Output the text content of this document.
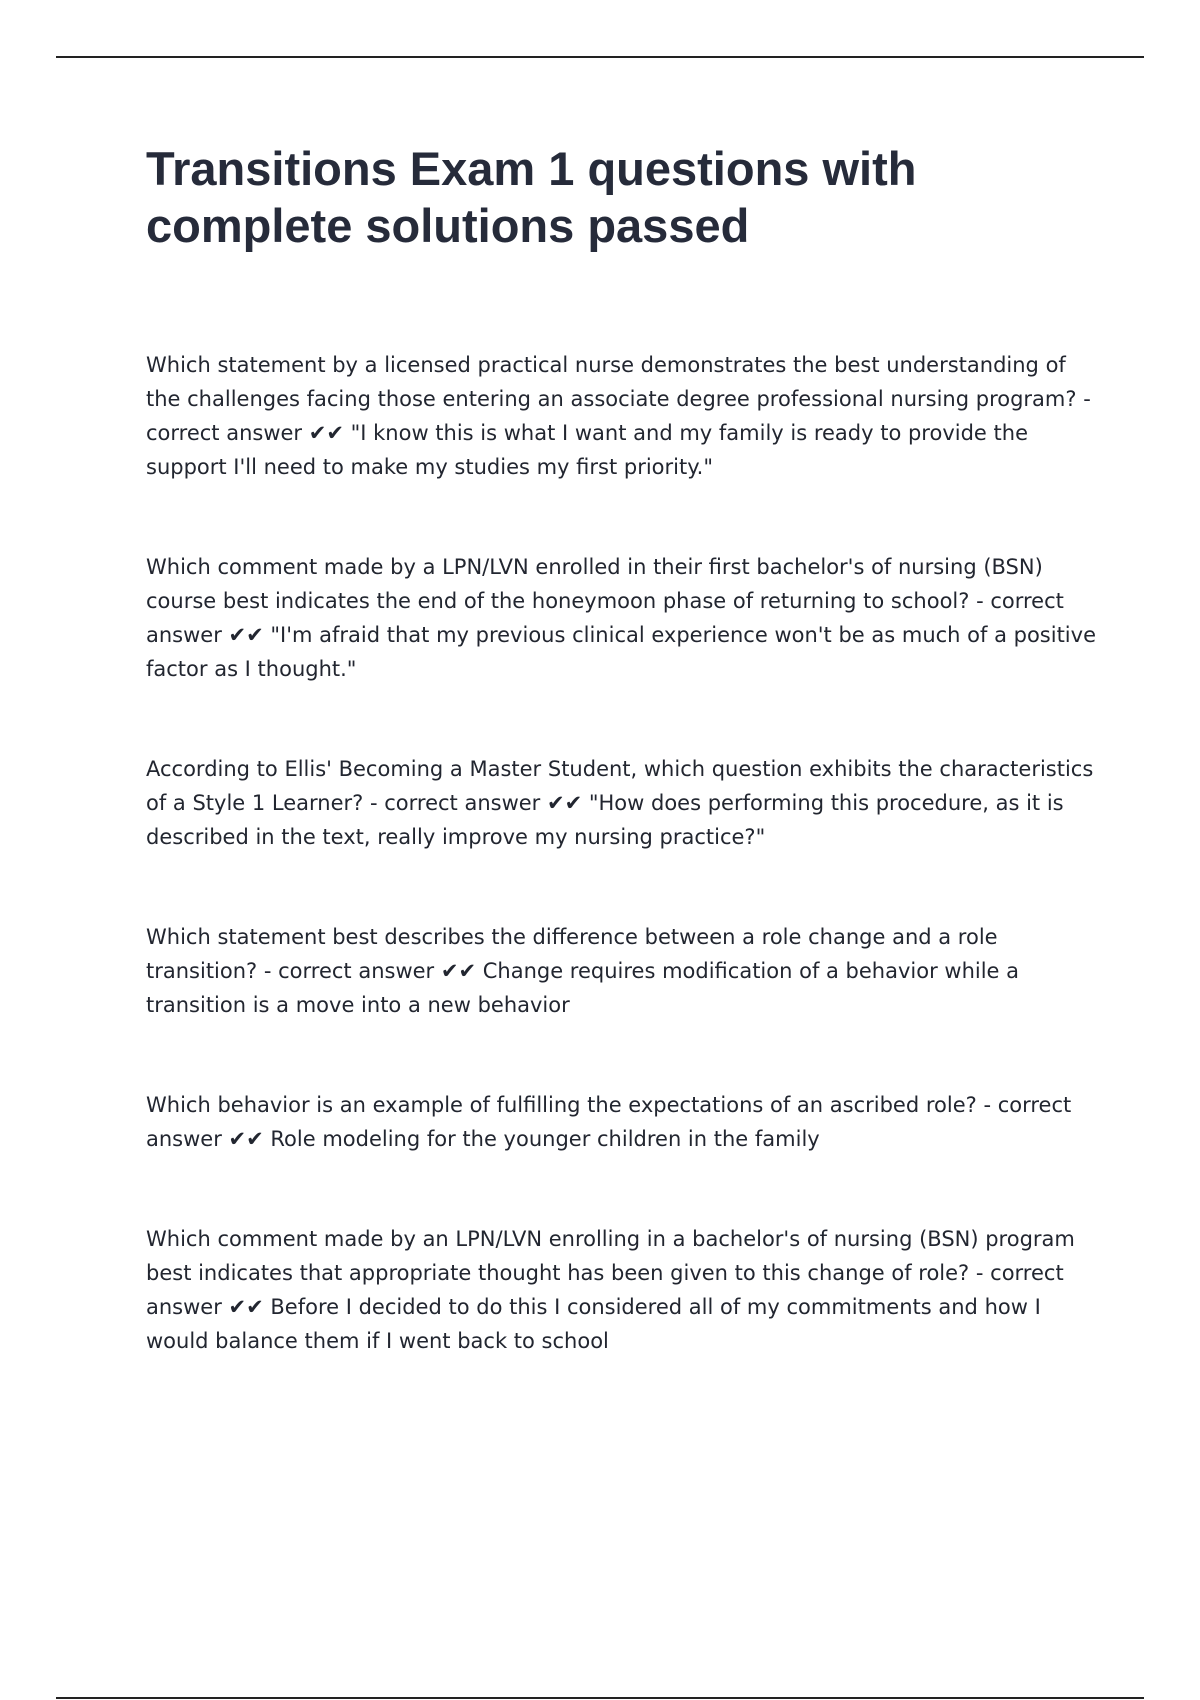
Transitions Exam 1 questions with complete solutions passed

Which statement by a licensed practical nurse demonstrates the best understanding of the challenges facing those entering an associate degree professional nursing program? - correct answer ✔✔ "I know this is what I want and my family is ready to provide the support I'll need to make my studies my first priority."

Which comment made by a LPN/LVN enrolled in their first bachelor's of nursing (BSN) course best indicates the end of the honeymoon phase of returning to school? - correct answer ✔✔ "I'm afraid that my previous clinical experience won't be as much of a positive factor as I thought."

According to Ellis' Becoming a Master Student, which question exhibits the characteristics of a Style 1 Learner? - correct answer ✔✔ "How does performing this procedure, as it is described in the text, really improve my nursing practice?"

Which statement best describes the difference between a role change and a role transition? - correct answer ✔✔ Change requires modification of a behavior while a transition is a move into a new behavior

Which behavior is an example of fulfilling the expectations of an ascribed role? - correct answer ✔✔ Role modeling for the younger children in the family

Which comment made by an LPN/LVN enrolling in a bachelor's of nursing (BSN) program best indicates that appropriate thought has been given to this change of role? - correct answer ✔✔ Before I decided to do this I considered all of my commitments and how I would balance them if I went back to school
